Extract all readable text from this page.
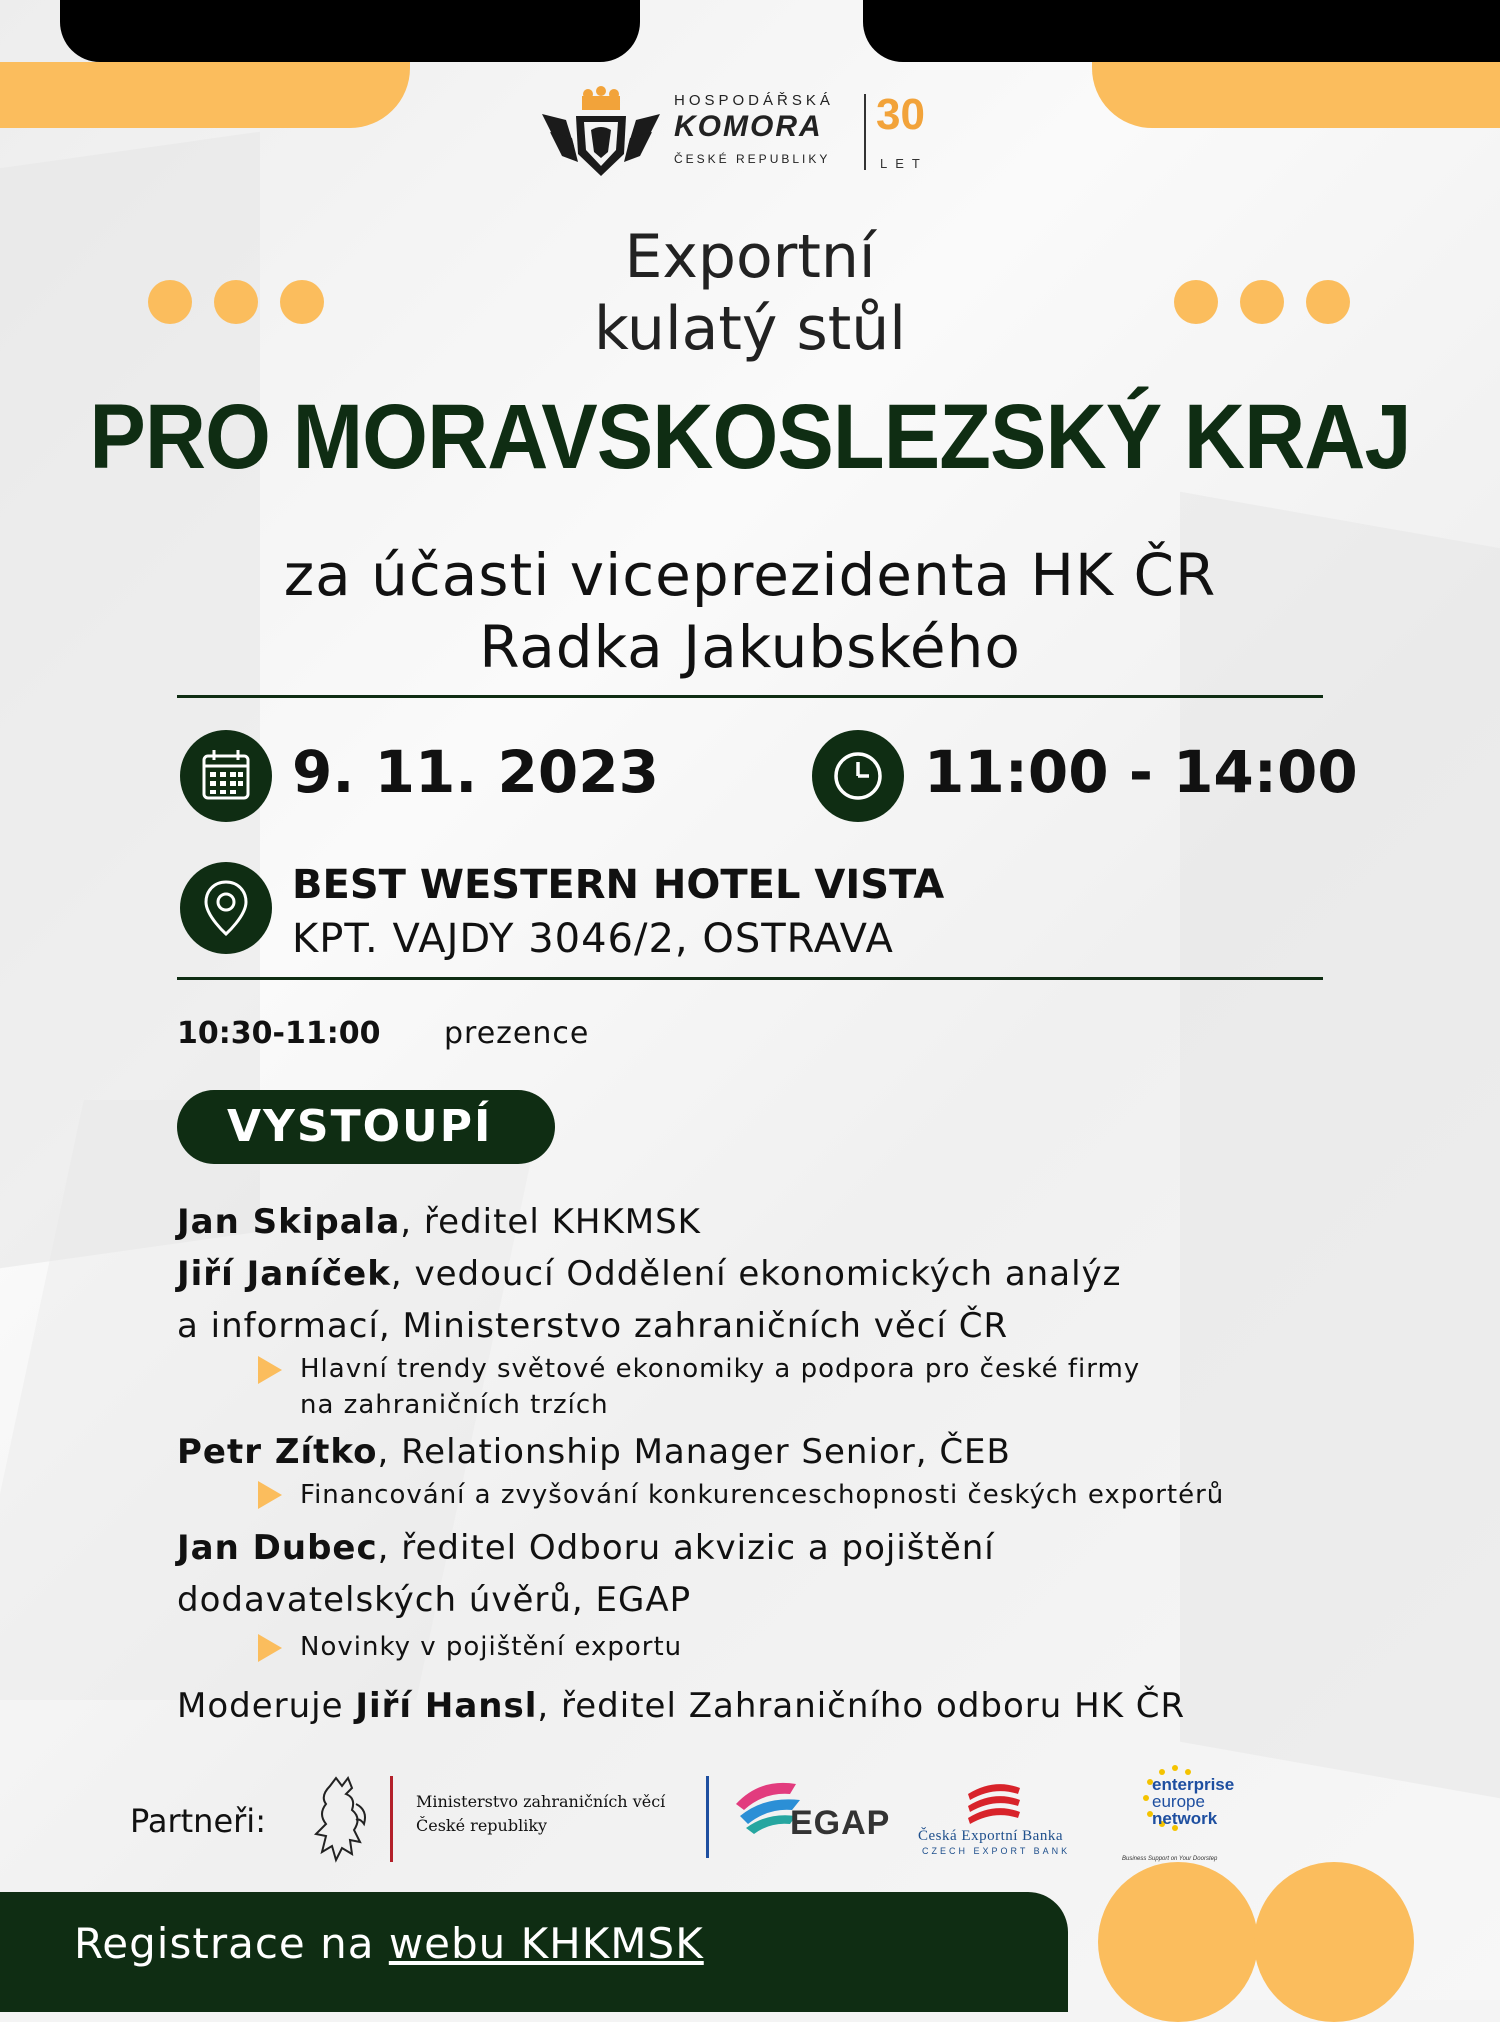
HOSPODÁŘSKÁ
KOMORA
ČESKÉ REPUBLIKY
30
LET
Exportní
kulatý stůl
PRO MORAVSKOSLEZSKÝ KRAJ
za účasti viceprezidenta HK ČR
Radka Jakubského
9. 11. 2023	11:00 - 14:00
BEST WESTERN HOTEL VISTA
KPT. VAJDY 3046/2, OSTRAVA
10:30-11:00 prezence
VYSTOUPÍ
Jan Skipala, ředitel KHKMSK
Jiří Janíček, vedoucí Oddělení ekonomických analýz
a informací, Ministerstvo zahraničních věcí ČR
Hlavní trendy světové ekonomiky a podpora pro české firmy
na zahraničních trzích
Petr Zítko, Relationship Manager Senior, ČEB
Financování a zvyšování konkurenceschopnosti českých exportérů
Jan Dubec, ředitel Odboru akvizic a pojištění
dodavatelských úvěrů, EGAP
Novinky v pojištění exportu
Moderuje Jiří Hansl, ředitel Zahraničního odboru HK ČR
Partneři:
Ministerstvo zahraničních věcí
České republiky	EGAP Česká Exportní Banka
CZECH EXPORT BANK
enterprise
europe
network
Business Support on Your Doorstep
Registrace na webu KHKMSK
